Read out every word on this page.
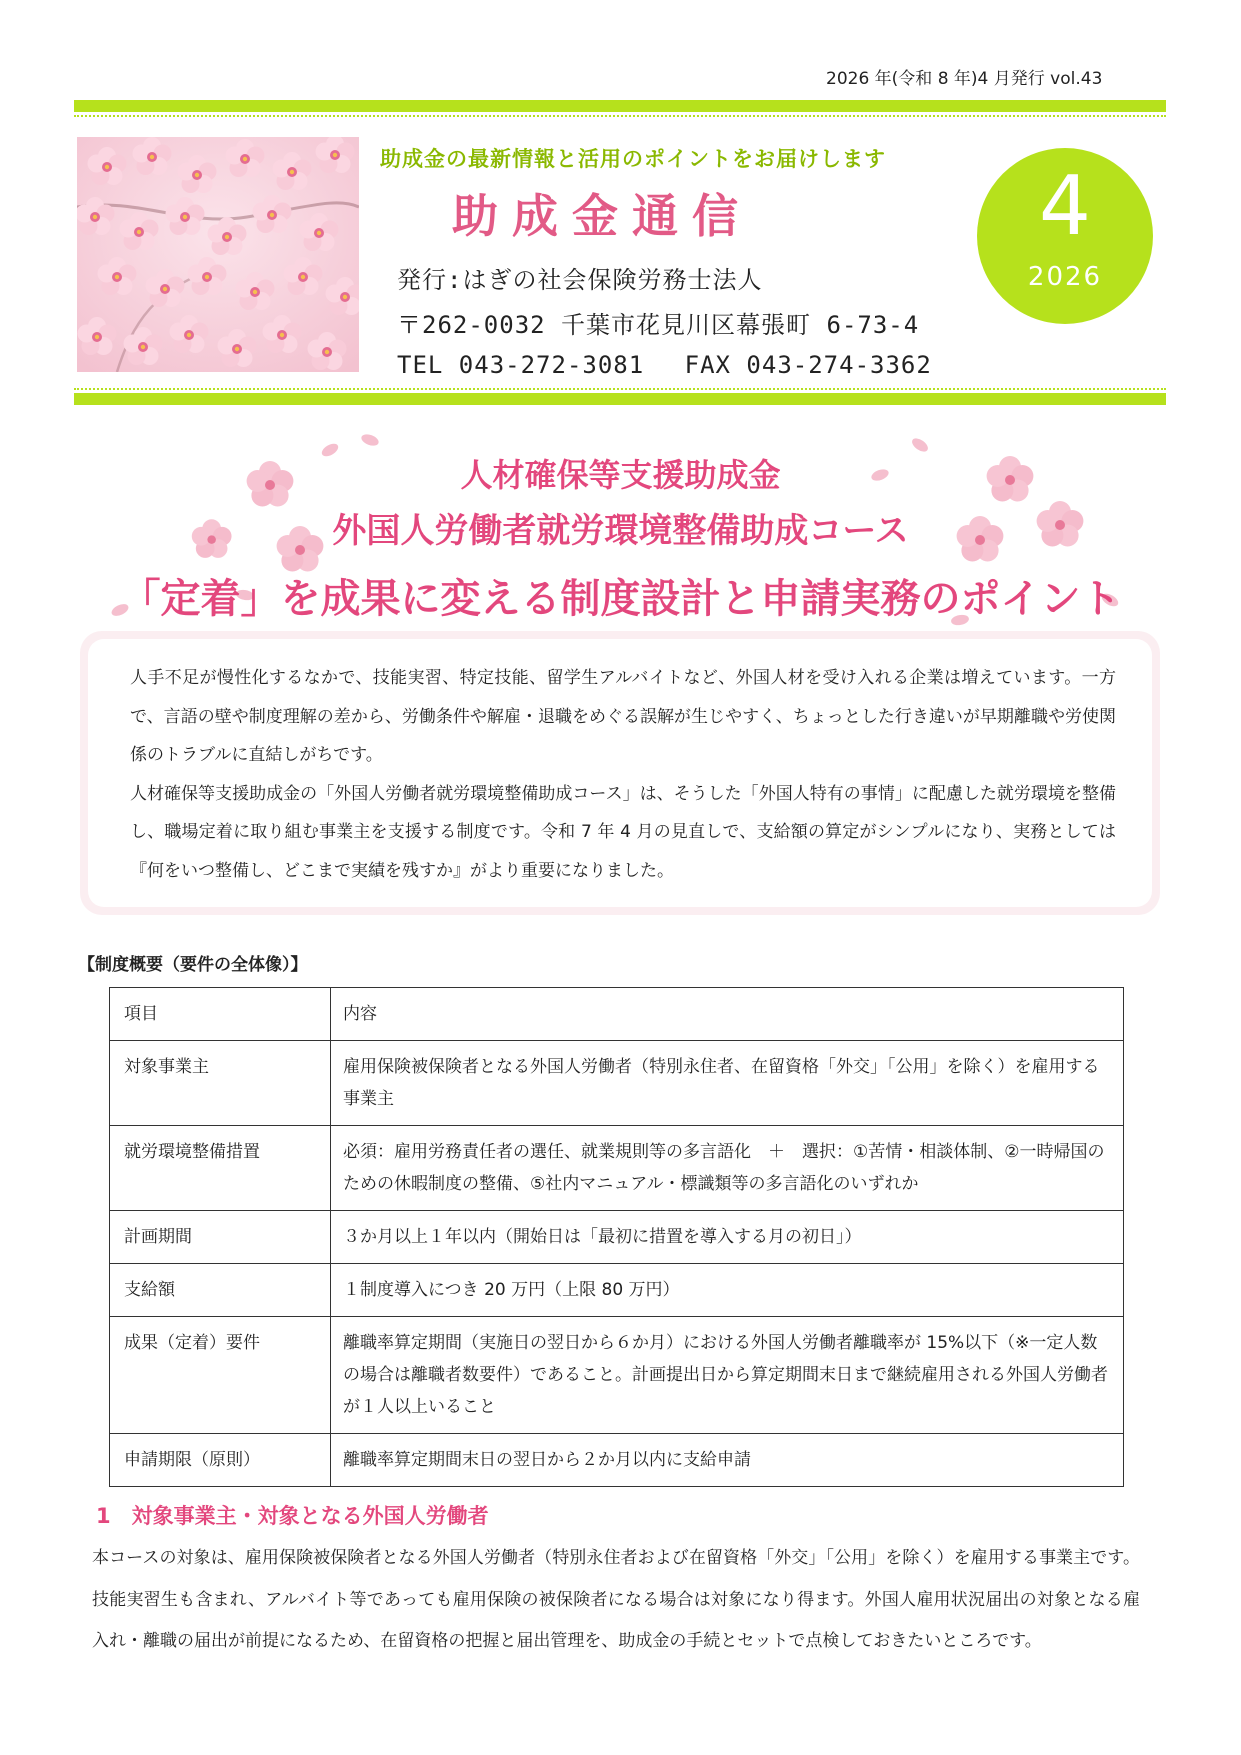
2026 年(令和 8 年)4 月発行 vol.43
助成金の最新情報と活用のポイントをお届けします
助成金通信
発行:はぎの社会保険労務士法人
〒262-0032 千葉市花見川区幕張町 6-73-4
TEL 043-272-3081　 FAX 043-274-3362
4
2026
人材確保等支援助成金
外国人労働者就労環境整備助成コース
「定着」を成果に変える制度設計と申請実務のポイント

人手不足が慢性化するなかで、技能実習、特定技能、留学生アルバイトなど、外国人材を受け入れる企業は増えています。一方で、言語の壁や制度理解の差から、労働条件や解雇・退職をめぐる誤解が生じやすく、ちょっとした行き違いが早期離職や労使関係のトラブルに直結しがちです。

人材確保等支援助成金の「外国人労働者就労環境整備助成コース」は、そうした「外国人特有の事情」に配慮した就労環境を整備し、職場定着に取り組む事業主を支援する制度です。令和 7 年 4 月の見直しで、支給額の算定がシンプルになり、実務としては『何をいつ整備し、どこまで実績を残すか』がより重要になりました。

【制度概要（要件の全体像）】
項目	内容
対象事業主	雇用保険被保険者となる外国人労働者（特別永住者、在留資格「外交」「公用」を除く）を雇用する事業主
就労環境整備措置	必須：雇用労務責任者の選任、就業規則等の多言語化　＋　選択：①苦情・相談体制、②一時帰国のための休暇制度の整備、⑤社内マニュアル・標識類等の多言語化のいずれか
計画期間	３か月以上１年以内（開始日は「最初に措置を導入する月の初日」）
支給額	１制度導入につき 20 万円（上限 80 万円）
成果（定着）要件	離職率算定期間（実施日の翌日から６か月）における外国人労働者離職率が 15%以下（※一定人数の場合は離職者数要件）であること。計画提出日から算定期間末日まで継続雇用される外国人労働者が１人以上いること
申請期限（原則）	離職率算定期間末日の翌日から２か月以内に支給申請
1　対象事業主・対象となる外国人労働者

本コースの対象は、雇用保険被保険者となる外国人労働者（特別永住者および在留資格「外交」「公用」を除く）を雇用する事業主です。技能実習生も含まれ、アルバイト等であっても雇用保険の被保険者になる場合は対象になり得ます。外国人雇用状況届出の対象となる雇入れ・離職の届出が前提になるため、在留資格の把握と届出管理を、助成金の手続とセットで点検しておきたいところです。
